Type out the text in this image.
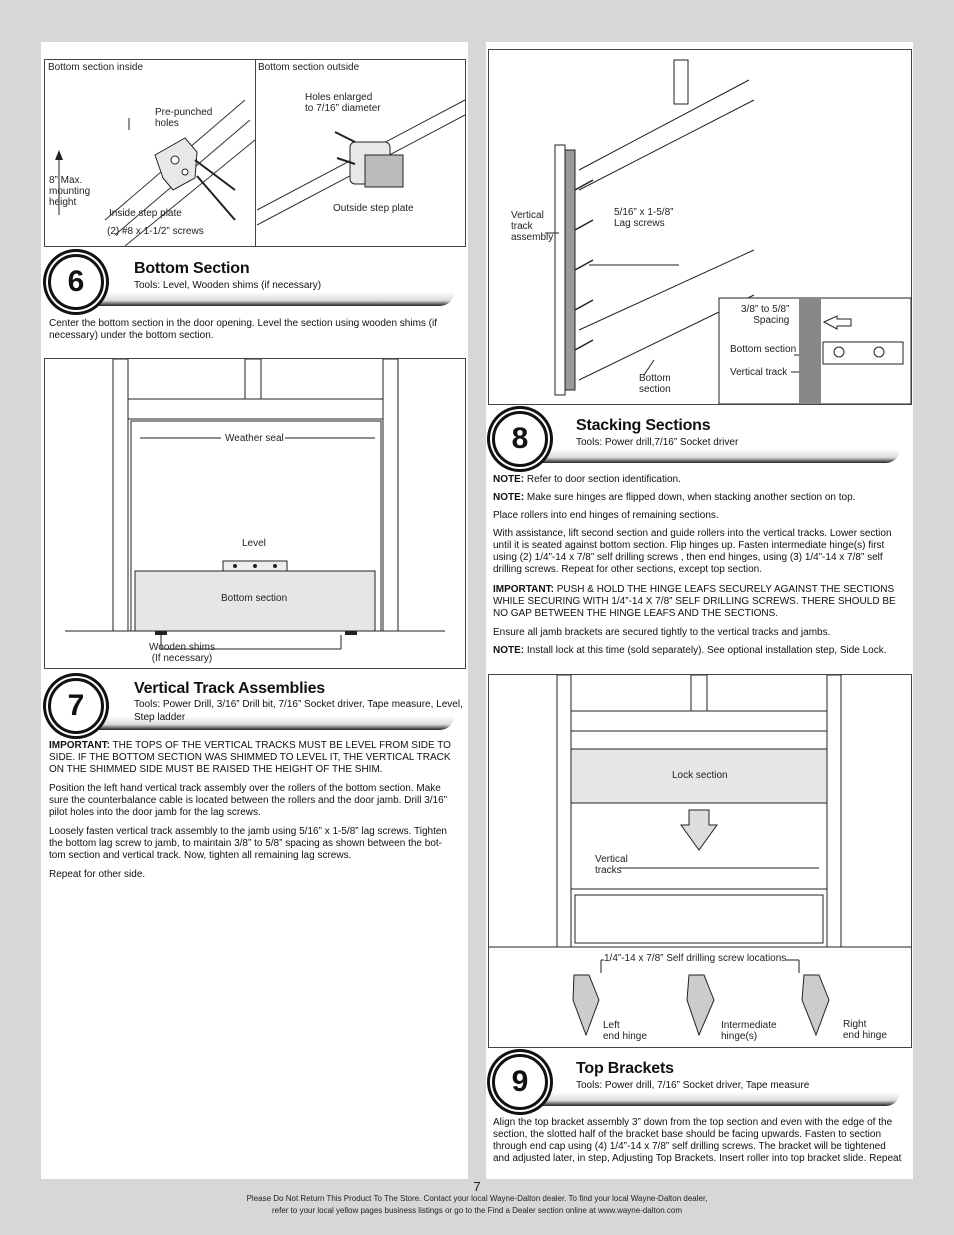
Bottom section inside	Bottom section outside
Pre-punched
holes
8” Max.
mounting
height
Inside step plate
(2) #8 x 1-1/2” screws
Holes enlarged
to 7/16” diameter
Outside step plate
6	Bottom Section
Tools: Level, Wooden shims (if necessary)
Center the bottom section in the door opening. Level the section using wooden shims (if necessary) under the bottom section.
Weather seal
Level
Bottom section
Wooden shims
(If necessary)
7
Vertical Track Assemblies
Tools: Power Drill, 3/16” Drill bit, 7/16” Socket driver, Tape measure, Level, Step ladder
IMPORTANT: THE TOPS OF THE VERTICAL TRACKS MUST BE LEVEL FROM SIDE TO SIDE. IF THE BOTTOM SECTION WAS SHIMMED TO LEVEL IT, THE VERTICAL TRACK ON THE SHIMMED SIDE MUST BE RAISED THE HEIGHT OF THE SHIM.
Position the left hand vertical track assembly over the rollers of the bottom section. Make sure the counterbalance cable is located between the rollers and the door jamb. Drill 3/16” pilot holes into the door jamb for the lag screws.
Loosely fasten vertical track assembly to the jamb using 5/16” x 1-5/8” lag screws. Tighten the bottom lag screw to jamb, to maintain 3/8” to 5/8” spacing as shown between the bot-tom section and vertical track. Now, tighten all remaining lag screws.
Repeat for other side.
Vertical
track
assembly
5/16” x 1-5/8”
Lag screws
Bottom
section
3/8” to 5/8”
Spacing
Bottom section
Vertical track
8	Stacking Sections
Tools: Power drill,7/16” Socket driver
NOTE: Refer to door section identification.
NOTE: Make sure hinges are flipped down, when stacking another section on top.
Place rollers into end hinges of remaining sections.
With assistance, lift second section and guide rollers into the vertical tracks. Lower section until it is seated against bottom section. Flip hinges up. Fasten intermediate hinge(s) first using (2) 1/4”-14 x 7/8” self drilling screws , then end hinges, using (3) 1/4”-14 x 7/8” self drilling screws. Repeat for other sections, except top section.
IMPORTANT: PUSH & HOLD THE HINGE LEAFS SECURELY AGAINST THE SECTIONS WHILE SECURING WITH 1/4”-14 X 7/8” SELF DRILLING SCREWS. THERE SHOULD BE NO GAP BETWEEN THE HINGE LEAFS AND THE SECTIONS.
Ensure all jamb brackets are secured tightly to the vertical tracks and jambs.
NOTE: Install lock at this time (sold separately). See optional installation step, Side Lock.
Lock section
Vertical
tracks
1/4”-14 x 7/8” Self drilling screw locations
Left
end hinge
Intermediate
hinge(s)
Right
end hinge
9	Top Brackets
Tools: Power drill, 7/16” Socket driver, Tape measure
Align the top bracket assembly 3” down from the top section and even with the edge of the section, the slotted half of the bracket base should be facing upwards. Fasten to section through end cap using (4) 1/4”-14 x 7/8” self drilling screws. The bracket will be tightened and adjusted later, in step, Adjusting Top Brackets. Insert roller into top bracket slide. Repeat
7
Please Do Not Return This Product To The Store. Contact your local Wayne-Dalton dealer. To find your local Wayne-Dalton dealer,
refer to your local yellow pages business listings or go to the Find a Dealer section online at www.wayne-dalton.com
